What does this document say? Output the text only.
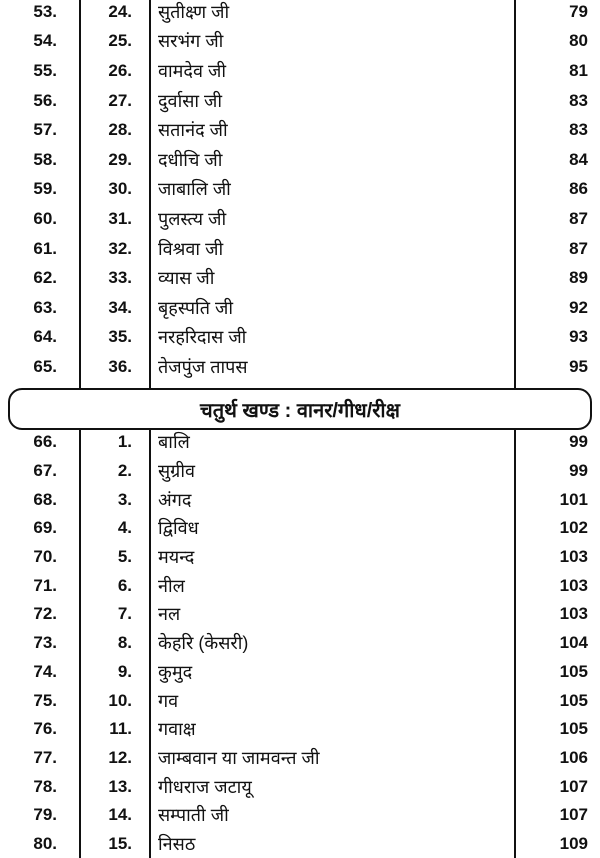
53.	24.	सुतीक्ष्ण जी	79
54.	25.	सरभंग जी	80
55.	26.	वामदेव जी	81
56.	27.	दुर्वासा जी	83
57.	28.	सतानंद जी	83
58.	29.	दधीचि जी	84
59.	30.	जाबालि जी	86
60.	31.	पुलस्त्य जी	87
61.	32.	विश्रवा जी	87
62.	33.	व्यास जी	89
63.	34.	बृहस्पति जी	92
64.	35.	नरहरिदास जी	93
65.	36.	तेजपुंज तापस	95
चतुर्थ खण्ड : वानर/गीध/रीक्ष
66.	1.	बालि	99
67.	2.	सुग्रीव	99
68.	3.	अंगद	101
69.	4.	द्विविध	102
70.	5.	मयन्द	103
71.	6.	नील	103
72.	7.	नल	103
73.	8.	केहरि (केसरी)	104
74.	9.	कुमुद	105
75.	10.	गव	105
76.	11.	गवाक्ष	105
77.	12.	जाम्बवान या जामवन्त जी	106
78.	13.	गीधराज जटायू	107
79.	14.	सम्पाती जी	107
80.	15.	निसठ	109
